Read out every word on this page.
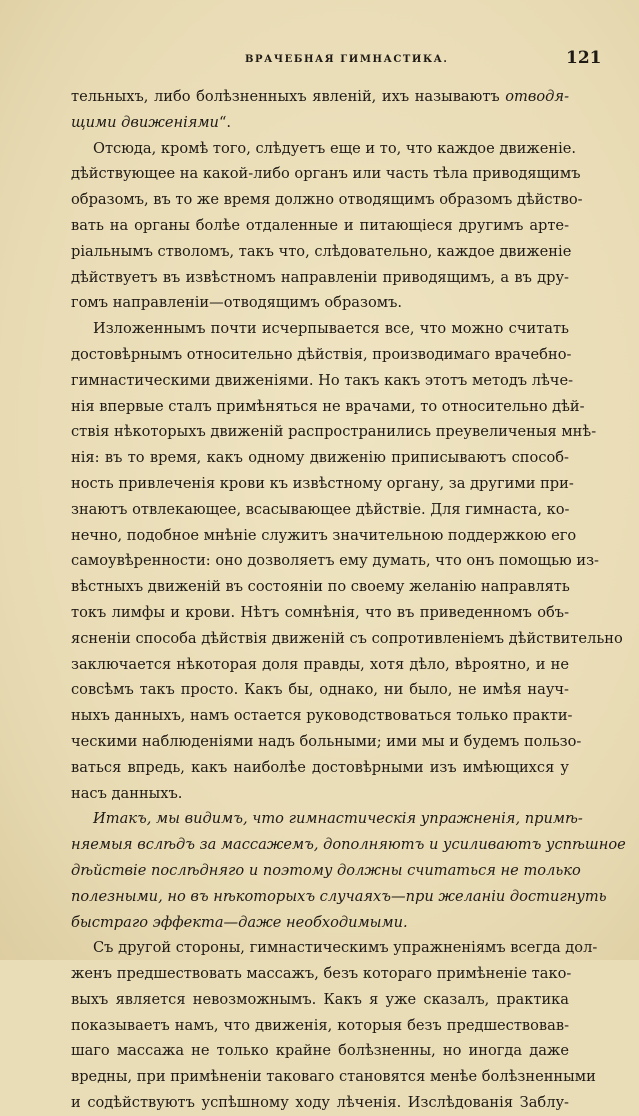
ВРАЧЕБНАЯ ГИМНАСТИКА.	121
тельныхъ, либо болѣзненныхъ явленій, ихъ называютъ отводя-
щими движеніями“.
Отсюда, кромѣ того, слѣдуетъ еще и то, что каждое движеніе.
дѣйствующее на какой-либо органъ или часть тѣла приводящимъ
образомъ, въ то же время должно отводящимъ образомъ дѣйство-
вать на органы болѣе отдаленные и питающіеся другимъ арте-
ріальнымъ стволомъ, такъ что, слѣдовательно, каждое движеніе
дѣйствуетъ въ извѣстномъ направленіи приводящимъ, а въ дру-
гомъ направленіи—отводящимъ образомъ.
Изложеннымъ почти исчерпывается все, что можно считать
достовѣрнымъ относительно дѣйствія, производимаго врачебно-
гимнастическими движеніями. Но такъ какъ этотъ методъ лѣче-
нія впервые сталъ примѣняться не врачами, то относительно дѣй-
ствія нѣкоторыхъ движеній распространились преувеличеныя мнѣ-
нія: въ то время, какъ одному движенію приписываютъ способ-
ность привлеченія крови къ извѣстному органу, за другими при-
знаютъ отвлекающее, всасывающее дѣйствіе. Для гимнаста, ко-
нечно, подобное мнѣніе служитъ значительною поддержкою его
самоувѣренности: оно дозволяетъ ему думать, что онъ помощью из-
вѣстныхъ движеній въ состояніи по своему желанію направлять
токъ лимфы и крови. Нѣтъ сомнѣнія, что въ приведенномъ объ-
ясненіи способа дѣйствія движеній съ сопротивленіемъ дѣйствительно
заключается нѣкоторая доля правды, хотя дѣло, вѣроятно, и не
совсѣмъ такъ просто. Какъ бы, однако, ни было, не имѣя науч-
ныхъ данныхъ, намъ остается руководствоваться только практи-
ческими наблюденіями надъ больными; ими мы и будемъ пользо-
ваться впредь, какъ наиболѣе достовѣрными изъ имѣющихся у
насъ данныхъ.
Итакъ, мы видимъ, что гимнастическія упражненія, примѣ-
няемыя вслѣдъ за массажемъ, дополняютъ и усиливаютъ успѣшное
дѣйствіе послѣдняго и поэтому должны считаться не только
полезными, но въ нѣкоторыхъ случаяхъ—при желаніи достигнуть
быстраго эффекта—даже необходимыми.
Съ другой стороны, гимнастическимъ упражненіямъ всегда дол-
женъ предшествовать массажъ, безъ котораго примѣненіе тако-
выхъ является невозможнымъ. Какъ я уже сказалъ, практика
показываетъ намъ, что движенія, которыя безъ предшествовав-
шаго массажа не только крайне болѣзненны, но иногда даже
вредны, при примѣненіи таковаго становятся менѣе болѣзненными
и содѣйствуютъ успѣшному ходу лѣченія. Изслѣдованія Заблу-
